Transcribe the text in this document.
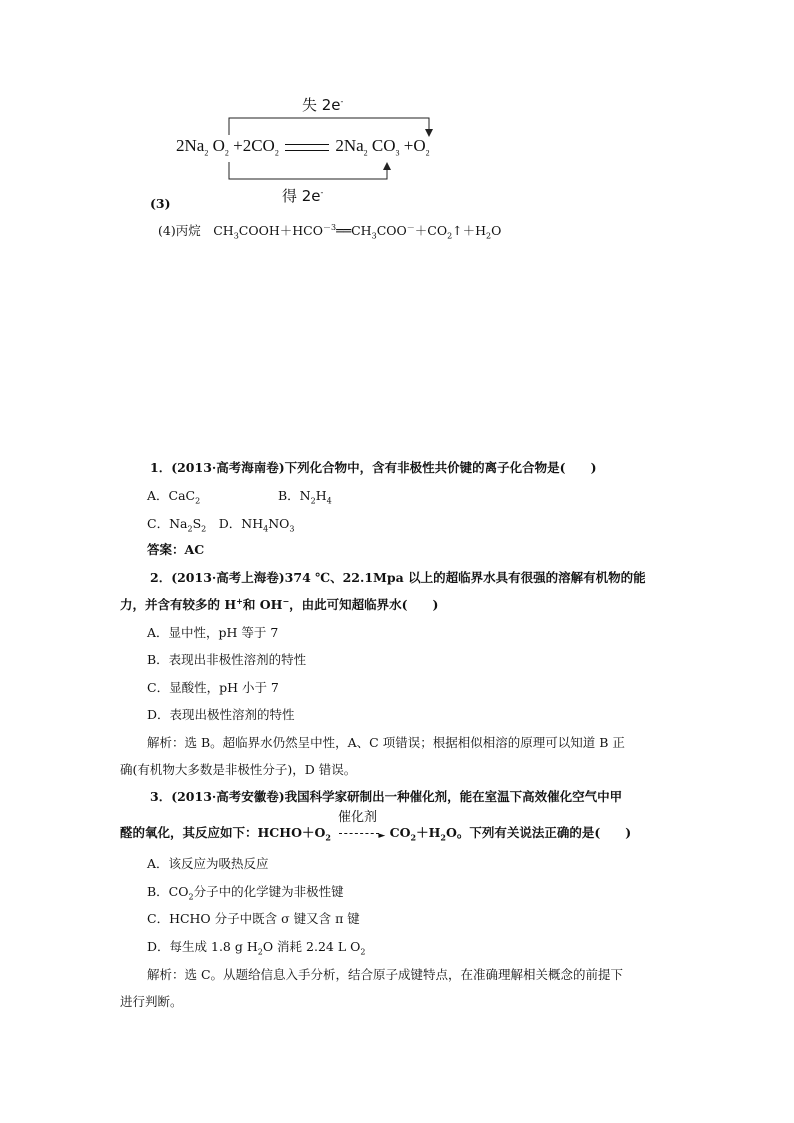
失 2e-
$2Na_2$ $O_2 +2CO_2$	$2Na_2$ $CO_3 +O_2$
得 2e-
(3)
(4)丙烷  $CH_3COOH+HCO^{-3}══CH_3COO^-+CO_2↑+H_2O$
1．(2013·高考海南卷)下列化合物中，含有非极性共价键的离子化合物是(　　)
A．CaC$_2$	B．$N_2H_4$
C．$Na_2S_2$　D．$NH_4NO_3$
答案：AC
2．(2013·高考上海卷)374 ℃、22.1Mpa 以上的超临界水具有很强的溶解有机物的能
力，并含有较多的 H+和 OH−，由此可知超临界水(　　)
A．显中性，pH 等于 7
B．表现出非极性溶剂的特性
C．显酸性，pH 小于 7
D．表现出极性溶剂的特性
解析：选 B。超临界水仍然呈中性，A、C 项错误；根据相似相溶的原理可以知道 B 正
确(有机物大多数是非极性分子)，D 错误。
3．(2013·高考安徽卷)我国科学家研制出一种催化剂，能在室温下高效催化空气中甲
催化剂
醛的氧化，其反应如下：$HCHO+O_2$	► $CO_2+H_2O$。下列有关说法正确的是(　　)
A．该反应为吸热反应
B．$CO_2$分子中的化学键为非极性键
C．HCHO 分子中既含 σ 键又含 π 键
D．每生成 1.8 g $H_2O$ 消耗 2.24 L $O_2$
解析：选 C。从题给信息入手分析，结合原子成键特点，在准确理解相关概念的前提下
进行判断。
